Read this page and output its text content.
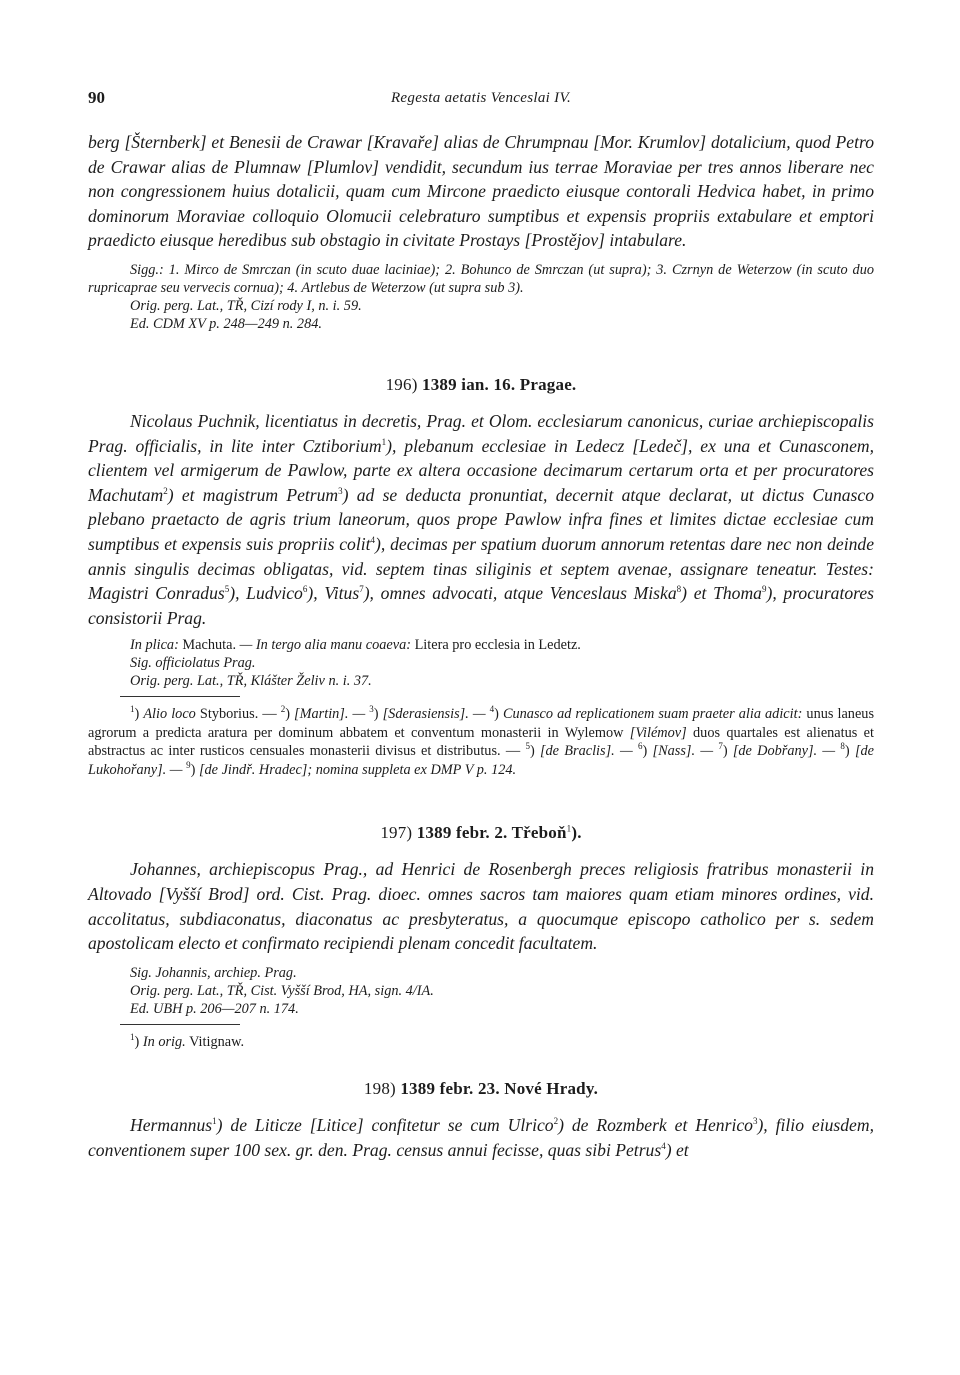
90	Regesta aetatis Venceslai IV.

berg [Šternberk] et Benesii de Crawar [Kravaře] alias de Chrumpnau [Mor. Krumlov] dotalicium, quod Petro de Crawar alias de Plumnaw [Plumlov] vendidit, secundum ius terrae Moraviae per tres annos liberare nec non congressionem huius dotalicii, quam cum Mircone praedicto eiusque contorali Hedvica habet, in primo dominorum Moraviae colloquio Olomucii celebraturo sumptibus et expensis propriis extabulare et emptori praedicto eiusque heredibus sub obstagio in civitate Prostays [Prostějov] intabulare.

Sigg.: 1. Mirco de Smrczan (in scuto duae laciniae); 2. Bohunco de Smrczan (ut supra); 3. Czrnyn de Weterzow (in scuto duo rupricaprae seu vervecis cornua); 4. Artlebus de Weterzow (ut supra sub 3).
Orig. perg. Lat., TŘ, Cizí rody I, n. i. 59.
Ed. CDM XV p. 248—249 n. 284.

196) 1389 ian. 16. Pragae.

Nicolaus Puchnik, licentiatus in decretis, Prag. et Olom. ecclesiarum canonicus, curiae archiepiscopalis Prag. officialis, in lite inter Cztiborium$^1$), plebanum ecclesiae in Ledecz [Ledeč], ex una et Cunasconem, clientem vel armigerum de Pawlow, parte ex altera occasione decimarum certarum orta et per procuratores Machutam$^2$) et magistrum Petrum$^3$) ad se deducta pronuntiat, decernit atque declarat, ut dictus Cunasco plebano praetacto de agris trium laneorum, quos prope Pawlow infra fines et limites dictae ecclesiae cum sumptibus et expensis suis propriis colit$^4$), decimas per spatium duorum annorum retentas dare nec non deinde annis singulis decimas obligatas, vid. septem tinas siliginis et septem avenae, assignare teneatur. Testes: Magistri Conradus$^5$), Ludvico$^6$), Vitus$^7$), omnes advocati, atque Venceslaus Miska$^8$) et Thoma$^9$), procuratores consistorii Prag.

In plica: Machuta. — In tergo alia manu coaeva: Litera pro ecclesia in Ledetz.
Sig. officiolatus Prag.
Orig. perg. Lat., TŘ, Klášter Želiv n. i. 37.

$^1$) Alio loco Styborius. — $^2$) [Martin]. — $^3$) [Sderasiensis]. — $^4$) Cunasco ad replicationem suam praeter alia adicit: unus laneus agrorum a predicta aratura per dominum abbatem et conventum monasterii in Wylemow [Vilémov] duos quartales est alienatus et abstractus ac inter rusticos censuales monasterii divisus et distributus. — $^5$) [de Braclis]. — $^6$) [Nass]. — $^7$) [de Dobřany]. — $^8$) [de Lukohořany]. — $^9$) [de Jindř. Hradec]; nomina suppleta ex DMP V p. 124.

197) 1389 febr. 2. Třeboň$^1$).

Johannes, archiepiscopus Prag., ad Henrici de Rosenbergh preces religiosis fratribus monasterii in Altovado [Vyšší Brod] ord. Cist. Prag. dioec. omnes sacros tam maiores quam etiam minores ordines, vid. accolitatus, subdiaconatus, diaconatus ac presbyteratus, a quocumque episcopo catholico per s. sedem apostolicam electo et confirmato recipiendi plenam concedit facultatem.

Sig. Johannis, archiep. Prag.
Orig. perg. Lat., TŘ, Cist. Vyšší Brod, HA, sign. 4/IA.
Ed. UBH p. 206—207 n. 174.

$^1$) In orig. Vitignaw.

198) 1389 febr. 23. Nové Hrady.

Hermannus$^1$) de Liticze [Litice] confitetur se cum Ulrico$^2$) de Rozmberk et Henrico$^3$), filio eiusdem, conventionem super 100 sex. gr. den. Prag. census annui fecisse, quas sibi Petrus$^4$) et
